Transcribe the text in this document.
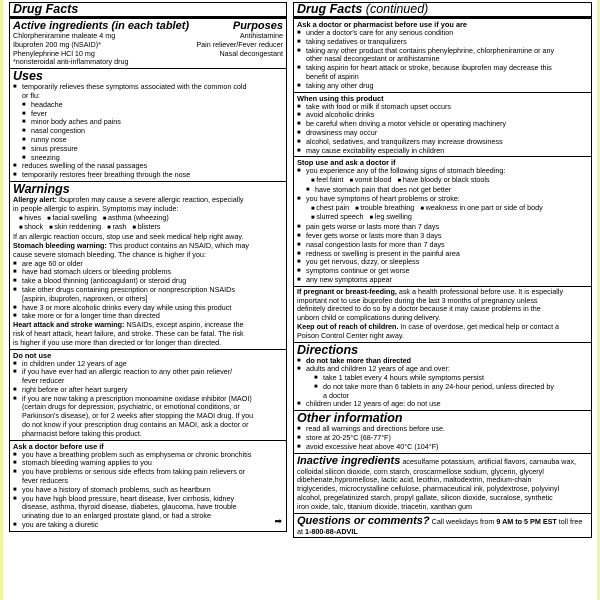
Drug Facts
Active ingredients (in each tablet)	Purposes
Chlorpheniramine maleate 4 mg	Antihistamine
Ibuprofen 200 mg (NSAID)*	Pain reliever/Fever reducer
Phenylephrine HCl 10 mg	Nasal decongestant
*nonsteroidal anti-inflammatory drug
Uses
■ temporarily relieves these symptoms associated with the common cold
or flu:
■ headache
■ fever
■ minor body aches and pains
■ nasal congestion
■ runny nose
■ sinus pressure
■ sneezing
■ reduces swelling of the nasal passages
■ temporarily restores freer breathing through the nose
Warnings
Allergy alert: Ibuprofen may cause a severe allergic reaction, especially
in people allergic to aspirin. Symptoms may include:
■ hives	■ facial swelling	■ asthma (wheezing)
■ shock	■ skin reddening	■ rash	■ blisters
If an allergic reaction occurs, stop use and seek medical help right away.
Stomach bleeding warning: This product contains an NSAID, which may
cause severe stomach bleeding. The chance is higher if you:
■ are age 60 or older
■ have had stomach ulcers or bleeding problems
■ take a blood thinning (anticoagulant) or steroid drug
■ take other drugs containing prescription or nonprescription NSAIDs
[aspirin, ibuprofen, naproxen, or others]
■ have 3 or more alcoholic drinks every day while using this product
■ take more or for a longer time than directed
Heart attack and stroke warning: NSAIDs, except aspirin, increase the
risk of heart attack, heart failure, and stroke. These can be fatal. The risk
is higher if you use more than directed or for longer than directed.
Do not use
■ in children under 12 years of age
■ if you have ever had an allergic reaction to any other pain reliever/
fever reducer
■ right before or after heart surgery
■ if you are now taking a prescription monoamine oxidase inhibitor (MAOI)
(certain drugs for depression, psychiatric, or emotional conditions, or
Parkinson's disease), or for 2 weeks after stopping the MAOI drug. If you
do not know if your prescription drug contains an MAOI, ask a doctor or
pharmacist before taking this product.
Ask a doctor before use if
■ you have a breathing problem such as emphysema or chronic bronchitis
■ stomach bleeding warning applies to you
■ you have problems or serious side effects from taking pain relievers or
fever reducers
■ you have a history of stomach problems, such as heartburn
■ you have high blood pressure, heart disease, liver cirrhosis, kidney
disease, asthma, thyroid disease, diabetes, glaucoma, have trouble
urinating due to an enlarged prostate gland, or had a stroke
■ you are taking a diuretic	➡
Drug Facts (continued)
Ask a doctor or pharmacist before use if you are
■ under a doctor's care for any serious condition
■ taking sedatives or tranquilizers
■ taking any other product that contains phenylephrine, chlorpheniramine or any
other nasal decongestant or antihistamine
■ taking aspirin for heart attack or stroke, because ibuprofen may decrease this
benefit of aspirin
■ taking any other drug
When using this product
■ take with food or milk if stomach upset occurs
■ avoid alcoholic drinks
■ be careful when driving a motor vehicle or operating machinery
■ drowsiness may occur
■ alcohol, sedatives, and tranquilizers may increase drowsiness
■ may cause excitability especially in children
Stop use and ask a doctor if
■ you experience any of the following signs of stomach bleeding:
■ feel faint	■ vomit blood	■ have bloody or black stools
■ have stomach pain that does not get better
■ you have symptoms of heart problems or stroke:
■ chest pain	■ trouble breathing	■ weakness in one part or side of body
■ slurred speech	■ leg swelling
■ pain gets worse or lasts more than 7 days
■ fever gets worse or lasts more than 3 days
■ nasal congestion lasts for more than 7 days
■ redness or swelling is present in the painful area
■ you get nervous, dizzy, or sleepless
■ symptoms continue or get worse
■ any new symptoms appear
If pregnant or breast-feeding, ask a health professional before use. It is especially
important not to use ibuprofen during the last 3 months of pregnancy unless
definitely directed to do so by a doctor because it may cause problems in the
unborn child or complications during delivery.
Keep out of reach of children. In case of overdose, get medical help or contact a
Poison Control Center right away.
Directions
■ do not take more than directed
■ adults and children 12 years of age and over:
■ take 1 tablet every 4 hours while symptoms persist
■ do not take more than 6 tablets in any 24-hour period, unless directed by
a doctor
■ children under 12 years of age: do not use
Other information
■ read all warnings and directions before use.
■ store at 20-25°C (68-77°F)
■ avoid excessive heat above 40°C (104°F)
Inactive ingredients acesulfame potassium, artificial flavors, carnauba wax,
colloidal silicon dioxide, corn starch, croscarmellose sodium, glycerin, glyceryl
dibehenate,hypromellose, lactic acid, lecithin, maltodextrin, medium-chain
triglycerides, microcrystalline cellulose, pharmaceutical ink, polydextrose, polyvinyl
alcohol, pregelatinized starch, propyl gallate, silicon dioxide, sucralose, synthetic
iron oxide, talc, titanium dioxide, triacetin, xanthan gum
Questions or comments? Call weekdays from 9 AM to 5 PM EST toll free
at 1-800-88-ADVIL
